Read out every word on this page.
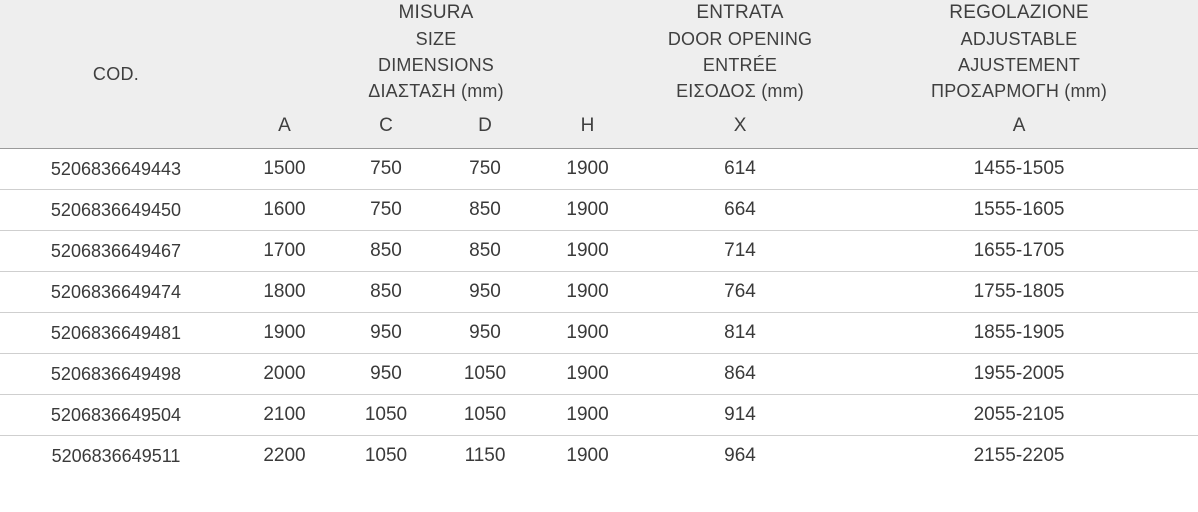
COD.

MISURA
SIZE
DIMENSIONS
ΔΙΑΣΤΑΣΗ (mm)

ENTRATA
DOOR OPENING
ENTRÉE
ΕΙΣΟΔΟΣ (mm)

REGOLAZIONE
ADJUSTABLE
AJUSTEMENT
ΠΡΟΣΑΡΜΟΓΗ (mm)

	A	C	D	H	X	A
5206836649443	1500	750	750	1900	614	1455-1505
5206836649450	1600	750	850	1900	664	1555-1605
5206836649467	1700	850	850	1900	714	1655-1705
5206836649474	1800	850	950	1900	764	1755-1805
5206836649481	1900	950	950	1900	814	1855-1905
5206836649498	2000	950	1050	1900	864	1955-2005
5206836649504	2100	1050	1050	1900	914	2055-2105
5206836649511	2200	1050	1150	1900	964	2155-2205
